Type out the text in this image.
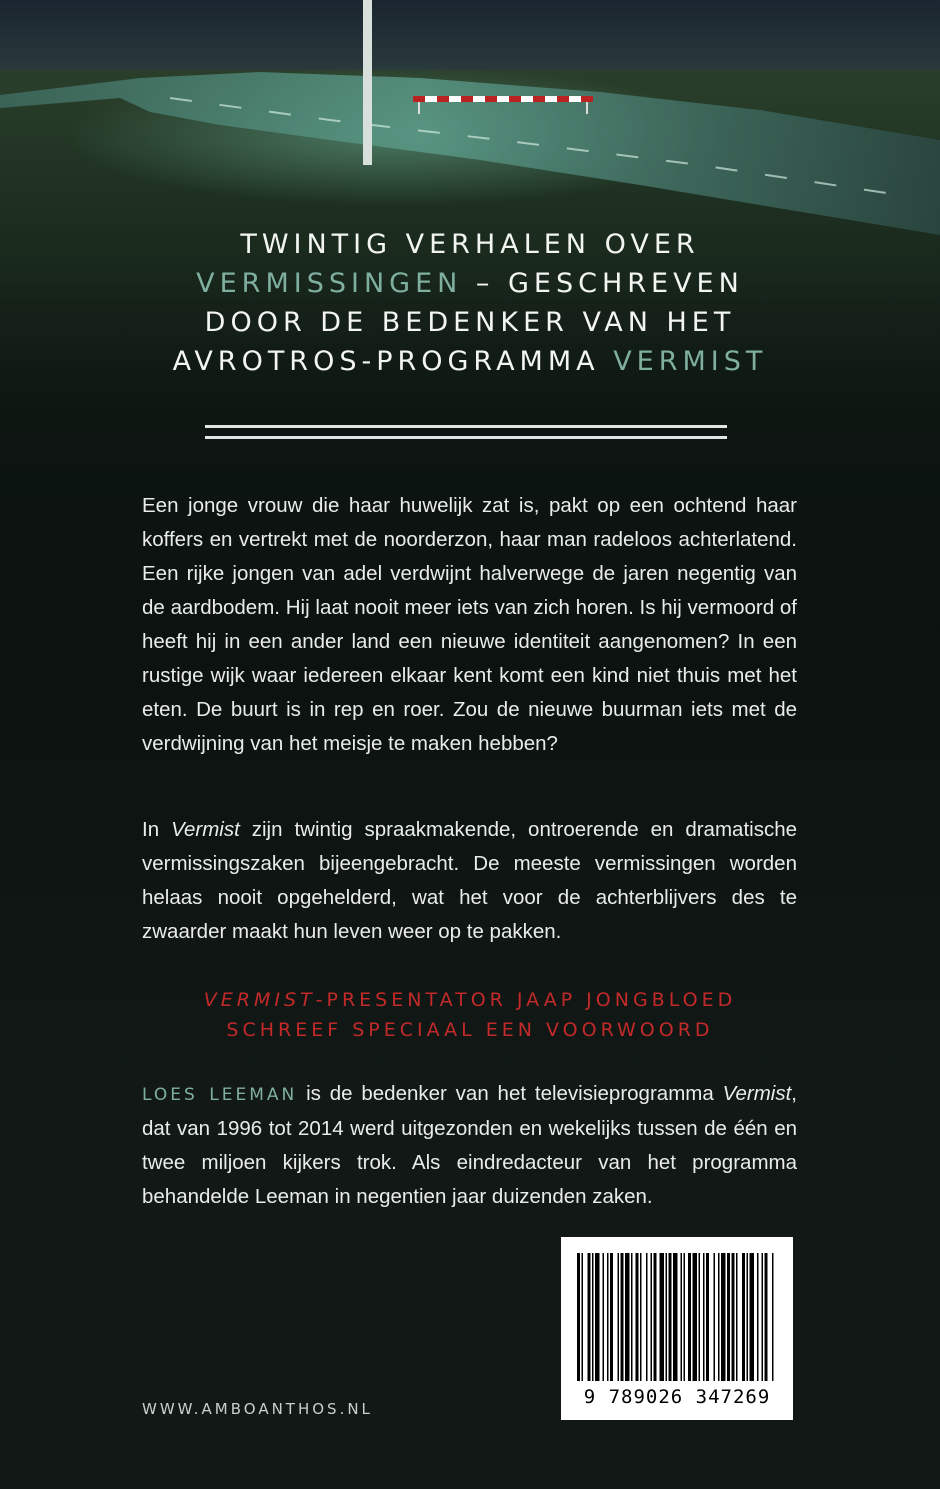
TWINTIG VERHALEN OVER
VERMISSINGEN – GESCHREVEN
DOOR DE BEDENKER VAN HET
AVROTROS-PROGRAMMA VERMIST

Een jonge vrouw die haar huwelijk zat is, pakt op een ochtend haar koffers en vertrekt met de noorderzon, haar man radeloos achterlatend. Een rijke jongen van adel verdwijnt halverwege de jaren negentig van de aardbodem. Hij laat nooit meer iets van zich horen. Is hij vermoord of heeft hij in een ander land een nieuwe identiteit aangenomen? In een rustige wijk waar iedereen elkaar kent komt een kind niet thuis met het eten. De buurt is in rep en roer. Zou de nieuwe buurman iets met de verdwijning van het meisje te maken hebben?

In Vermist zijn twintig spraakmakende, ontroerende en dramatische vermissingszaken bijeengebracht. De meeste vermissingen worden helaas nooit opgehelderd, wat het voor de achterblijvers des te zwaarder maakt hun leven weer op te pakken.

VERMIST-PRESENTATOR JAAP JONGBLOED
SCHREEF SPECIAAL EEN VOORWOORD

LOES LEEMAN is de bedenker van het televisieprogramma Vermist, dat van 1996 tot 2014 werd uitgezonden en wekelijks tussen de één en twee miljoen kijkers trok. Als eindredacteur van het programma behandelde Leeman in negentien jaar duizenden zaken.

9 789026 347269
WWW.AMBOANTHOS.NL
